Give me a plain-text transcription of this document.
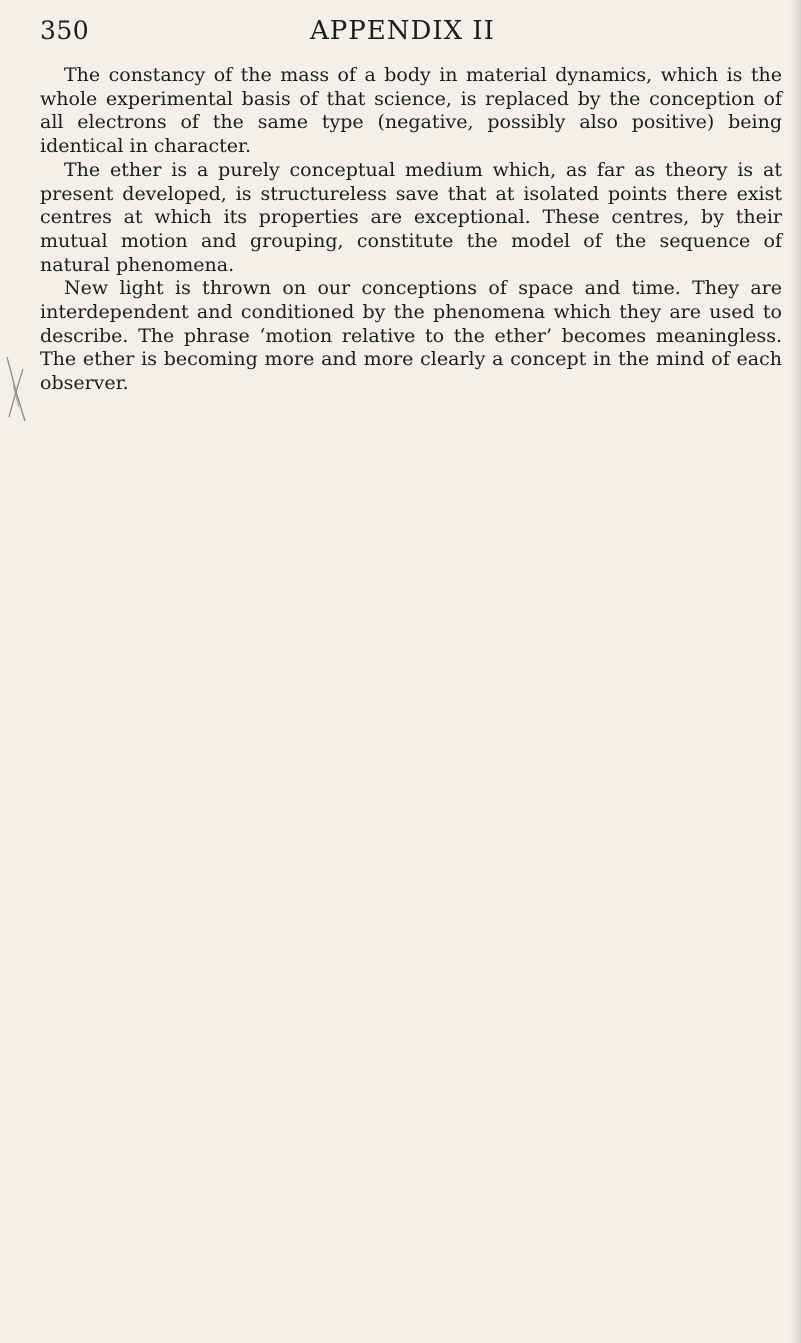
350	APPENDIX II

The constancy of the mass of a body in material dynamics, which is the whole experimental basis of that science, is replaced by the conception of all electrons of the same type (negative, possibly also positive) being identical in character.

The ether is a purely conceptual medium which, as far as theory is at present developed, is structureless save that at isolated points there exist centres at which its properties are exceptional. These centres, by their mutual motion and grouping, constitute the model of the sequence of natural phenomena.

New light is thrown on our conceptions of space and time. They are interdependent and conditioned by the phenomena which they are used to describe. The phrase ‘motion relative to the ether’ becomes meaningless. The ether is becoming more and more clearly a concept in the mind of each observer.
